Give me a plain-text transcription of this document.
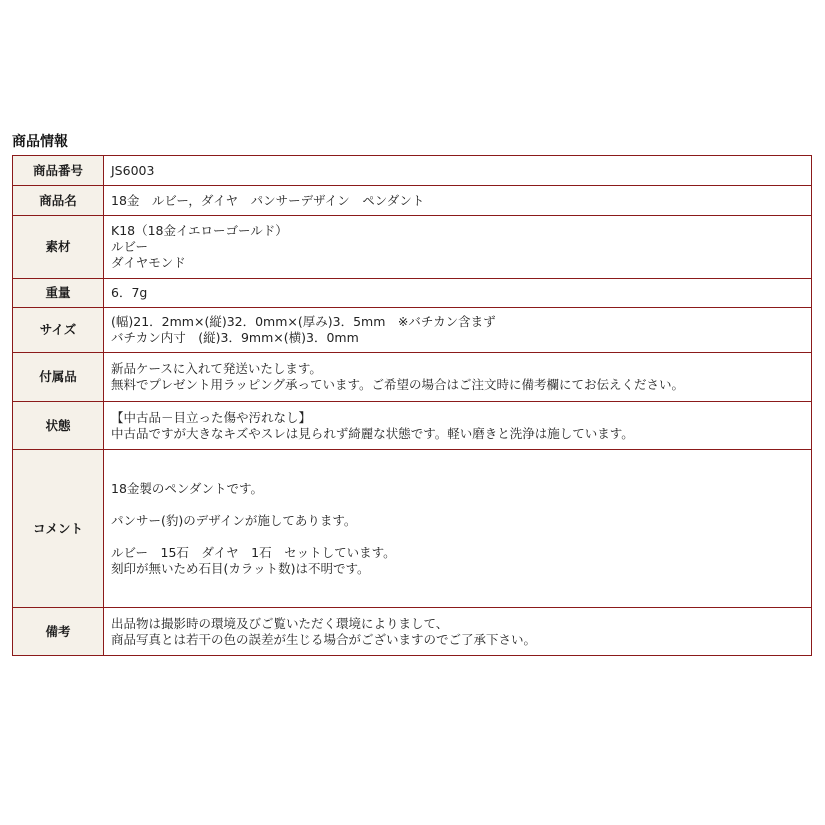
商品情報
商品番号	JS6003
商品名	18金　ルビー，ダイヤ　パンサーデザイン　ペンダント
素材	K18（18金イエローゴールド）
ルビー
ダイヤモンド

重量	6．7g
サイズ	(幅)21．2mm×(縦)32．0mm×(厚み)3．5mm　※バチカン含まず
バチカン内寸　(縦)3．9mm×(横)3．0mm

付属品	新品ケースに入れて発送いたします。
無料でプレゼント用ラッピング承っています。ご希望の場合はご注文時に備考欄にてお伝えください。

状態	【中古品－目立った傷や汚れなし】
中古品ですが大きなキズやスレは見られず綺麗な状態です。軽い磨きと洗浄は施しています。

コメント	18金製のペンダントです。
パンサー(豹)のデザインが施してあります。
ルビー　15石　ダイヤ　1石　セットしています。
刻印が無いため石目(カラット数)は不明です。

備考	出品物は撮影時の環境及びご覧いただく環境によりまして、
商品写真とは若干の色の誤差が生じる場合がございますのでご了承下さい。
